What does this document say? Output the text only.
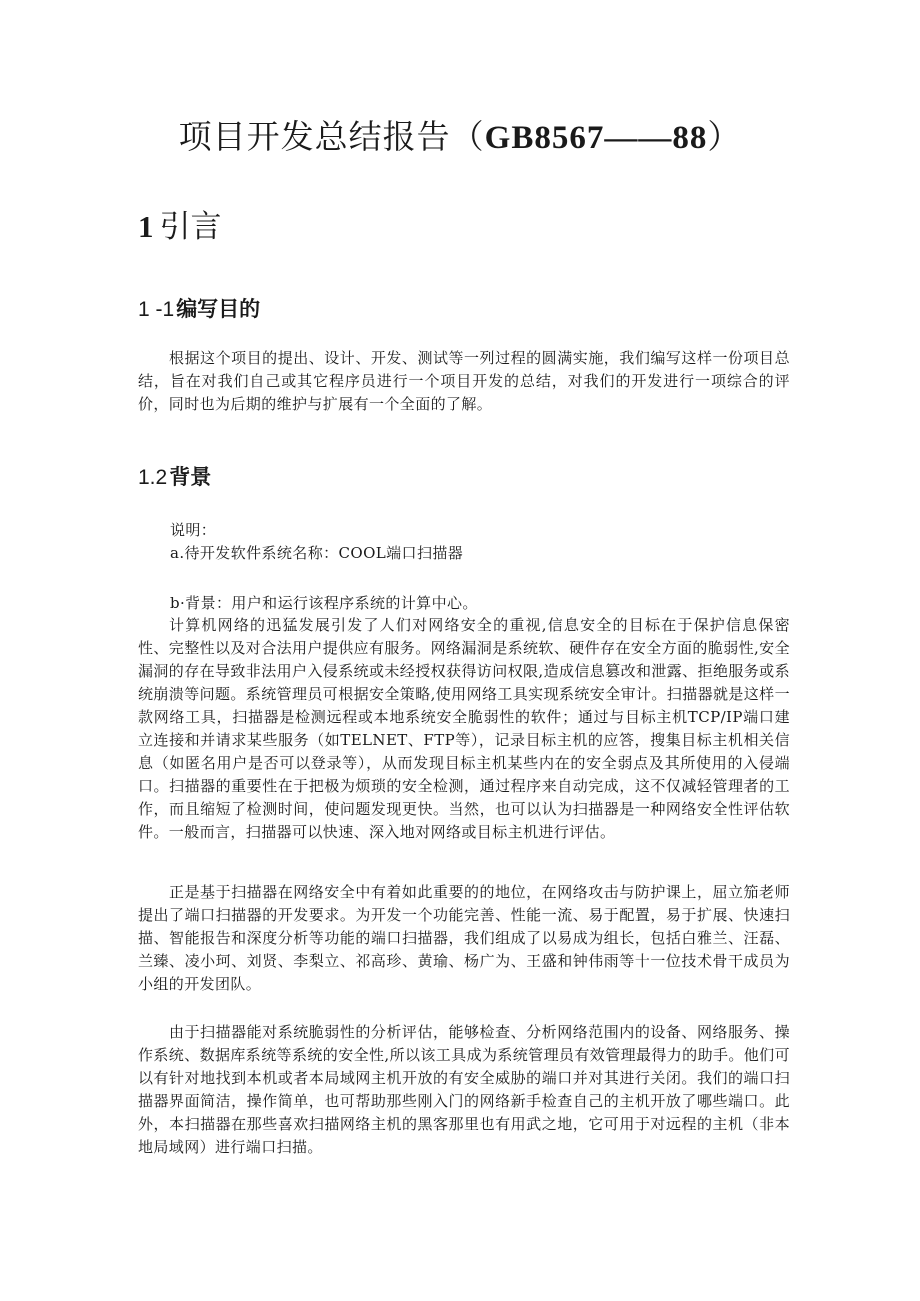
项目开发总结报告（GB8567——88）
1 引言
1 -1编写目的

根据这个项目的提出、设计、开发、测试等一列过程的圆满实施，我们编写这样一份项目总结，旨在对我们自己或其它程序员进行一个项目开发的总结，对我们的开发进行一项综合的评价，同时也为后期的维护与扩展有一个全面的了解。

1.2背景
说明：
a.待开发软件系统名称：COOL端口扫描器
b·背景：用户和运行该程序系统的计算中心。

计算机网络的迅猛发展引发了人们对网络安全的重视,信息安全的目标在于保护信息保密性、完整性以及对合法用户提供应有服务。网络漏洞是系统软、硬件存在安全方面的脆弱性,安全漏洞的存在导致非法用户入侵系统或未经授权获得访问权限,造成信息篡改和泄露、拒绝服务或系统崩溃等问题。系统管理员可根据安全策略,使用网络工具实现系统安全审计。扫描器就是这样一款网络工具，扫描器是检测远程或本地系统安全脆弱性的软件；通过与目标主机TCP/IP端口建立连接和并请求某些服务（如TELNET、FTP等），记录目标主机的应答，搜集目标主机相关信息（如匿名用户是否可以登录等），从而发现目标主机某些内在的安全弱点及其所使用的入侵端口。扫描器的重要性在于把极为烦琐的安全检测，通过程序来自动完成，这不仅减轻管理者的工作，而且缩短了检测时间，使问题发现更快。当然，也可以认为扫描器是一种网络安全性评估软件。一般而言，扫描器可以快速、深入地对网络或目标主机进行评估。

正是基于扫描器在网络安全中有着如此重要的的地位，在网络攻击与防护课上，屈立笳老师提出了端口扫描器的开发要求。为开发一个功能完善、性能一流、易于配置，易于扩展、快速扫描、智能报告和深度分析等功能的端口扫描器，我们组成了以易成为组长，包括白雅兰、汪磊、兰臻、凌小珂、刘贤、李梨立、祁高珍、黄瑜、杨广为、王盛和钟伟雨等十一位技术骨干成员为小组的开发团队。

由于扫描器能对系统脆弱性的分析评估，能够检查、分析网络范围内的设备、网络服务、操作系统、数据库系统等系统的安全性,所以该工具成为系统管理员有效管理最得力的助手。他们可以有针对地找到本机或者本局域网主机开放的有安全威胁的端口并对其进行关闭。我们的端口扫描器界面简洁，操作简单，也可帮助那些刚入门的网络新手检查自己的主机开放了哪些端口。此外，本扫描器在那些喜欢扫描网络主机的黑客那里也有用武之地，它可用于对远程的主机（非本地局域网）进行端口扫描。
